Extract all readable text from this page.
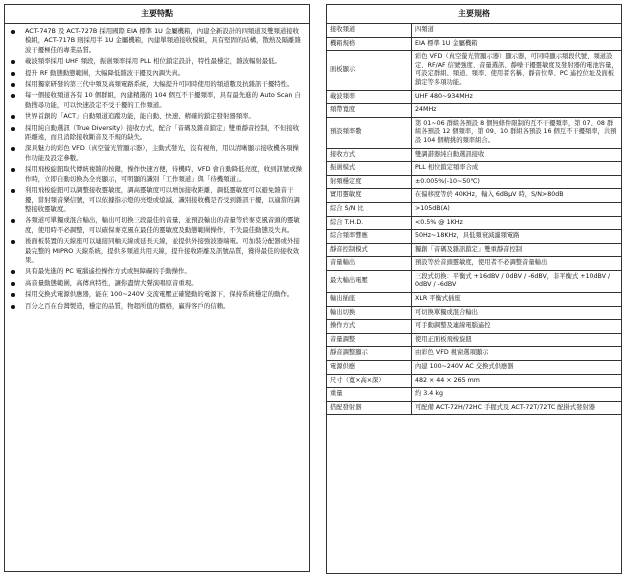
主要特點
ACT-747B 及 ACT-727B 採用國際 EIA 標準 1U 金屬機箱，內建全新設計的四頻道及雙頻道接收模組，ACT-717B 則採用半 1U 金屬機箱，內建單頻道接收模組，具有堅固的結構，散熱及隔離雜波干擾極佳的專業品質。
載波頻率採用 UHF 頻段，振盪頻率採用 PLL 相位鎖定設計，特性最穩定，雜波輻射最低。
提升 RF 動態動態範圍，大幅降低雜波干擾及內調失真。
採用獨家研發的第三代中頻及高頻電路系統，大幅提升可同時使用的頻道數及抗雜訊干擾特性。
每一個接收頻道各有 10 個群組，內建精選的 104 個互不干擾頻率，具有最先進的 Auto Scan 自動搜尋功能，可以快速設定不受干擾的工作頻道。
世界首創的「ACT」自動頻道追蹤功能，能自動、快速、精確的鎖定發射器頻率。
採用純自動選訊（True Diversity）接收方式，配合「音碼及雜音鎖定」雙重靜音控制，不但接收距離遠，而且消除接收斷音及不規的缺失。
深具魅力的彩色 VFD（真空螢光管顯示器），主動式發光，沒有視角，用以清晰顯示接收機各項操作功能及設定參數。
採用飛梭旋鈕取代傳統複雜的按鍵，操作快速方便，待機時，VFD 會自動降低亮度，收到訊號或操作時，立即自動切換為全亮顯示，可明顯的識別「工作頻道」與「待機頻道」。
利用飛梭旋鈕可以調整接收靈敏度，調高靈敏度可以增加接收距離，調低靈敏度可以避免雜音干擾，當射頻音樂信號，可以依據指示燈的亮燈或熄滅，識別接收機是否受到雜訊干擾，以適當的調整接收靈敏度。
各頻道可單獨或混合輸出，輸出可切換三段最佳的音量，並預設輸出的音量等於麥克風音頭的靈敏度，使用時不必調整，可以確保麥克風在最佳的靈敏度及動態範圍操作，不失最佳動態及失真。
後面板裝置的天線座可以連接同軸天線或延長天線，並提供外接強波器端電。可加裝分配器或外接最完整的 MIPRO 天線系統，提供多頻道共用天線，提升接收距離及訊號品質，獲得最佳的接收效果。
具有最先進的 PC 電腦遙控操作方式或無障礙的手動操作。
高音量動態範圍，高傳真特性，讓你盡情大聲演唱原音重現。
採用交換式電源供應器，能在 100~240V 交流電壓正確變動的電源下，保持系統穩定的動作。
百分之百在台灣製造，穩定的品質，物超所值的價格，贏得客戶的信賴。
主要規格
接收頻道	四頻道
機箱規格	EIA 標準 1U 金屬機箱
面板顯示	彩色 VFD（真空螢光管顯示器）顯示器，可同時顯示頻段代號、頻道設定、RF/AF 信號強度、音量選訊、靜噪干擾靈敏度及發射器的電池容量，可設定群組、頻道、頻率、使用者名稱、靜音位準、PC 遙控位址及面板鎖定等多項功能。
載波頻率	UHF 480~934MHz
頻帶寬度	24MHz
預設頻率數	第 01~06 群組各預設 8 個無條件限制的互不干擾頻率，第 07、08 群組各預設 12 個頻率，第 09、10 群組各預設 16 個互不干擾頻率，共預設 104 個精挑的頻率組合。
接收方式	雙調諧器純自動選訊接收
振盪模式	PLL 相位鎖定頻率合成
射頻穩定度	±0.005%(-10~50℃)
實用靈敏度	在偏移度等於 40KHz，輸入 6dBμV 時，S/N>80dB
綜合 S/N 比	>105dB(A)
綜合 T.H.D.	<0.5% @ 1KHz
綜合頻率響應	50Hz~18KHz，具低頻衰減濾頻電路
靜音控制模式	獨創「音碼及雜訊鎖定」雙重靜音控制
音量輸出	預設等於音頭靈敏度，使用者不必調整音量輸出
最大輸出電壓	三段式切換：平衡式 +16dBV / 0dBV / -6dBV，非平衡式 +10dBV / 0dBV / -6dBV
輸出插座	XLR 平衡式插座
輸出切換	可切換單獨或混合輸出
操作方式	可手動調整及連線電腦遙控
音量調整	使用正面板飛梭旋鈕
靜音調整顯示	由彩色 VFD 視窗選項顯示
電源供應	內建 100~240V AC 交換式供應器
尺寸（寬×高×深）	482 × 44 × 265 mm
重量	約 3.4 kg
搭配發射器	可配備 ACT-72H/72HC 手握式及 ACT-72T/72TC 配掛式發射器
